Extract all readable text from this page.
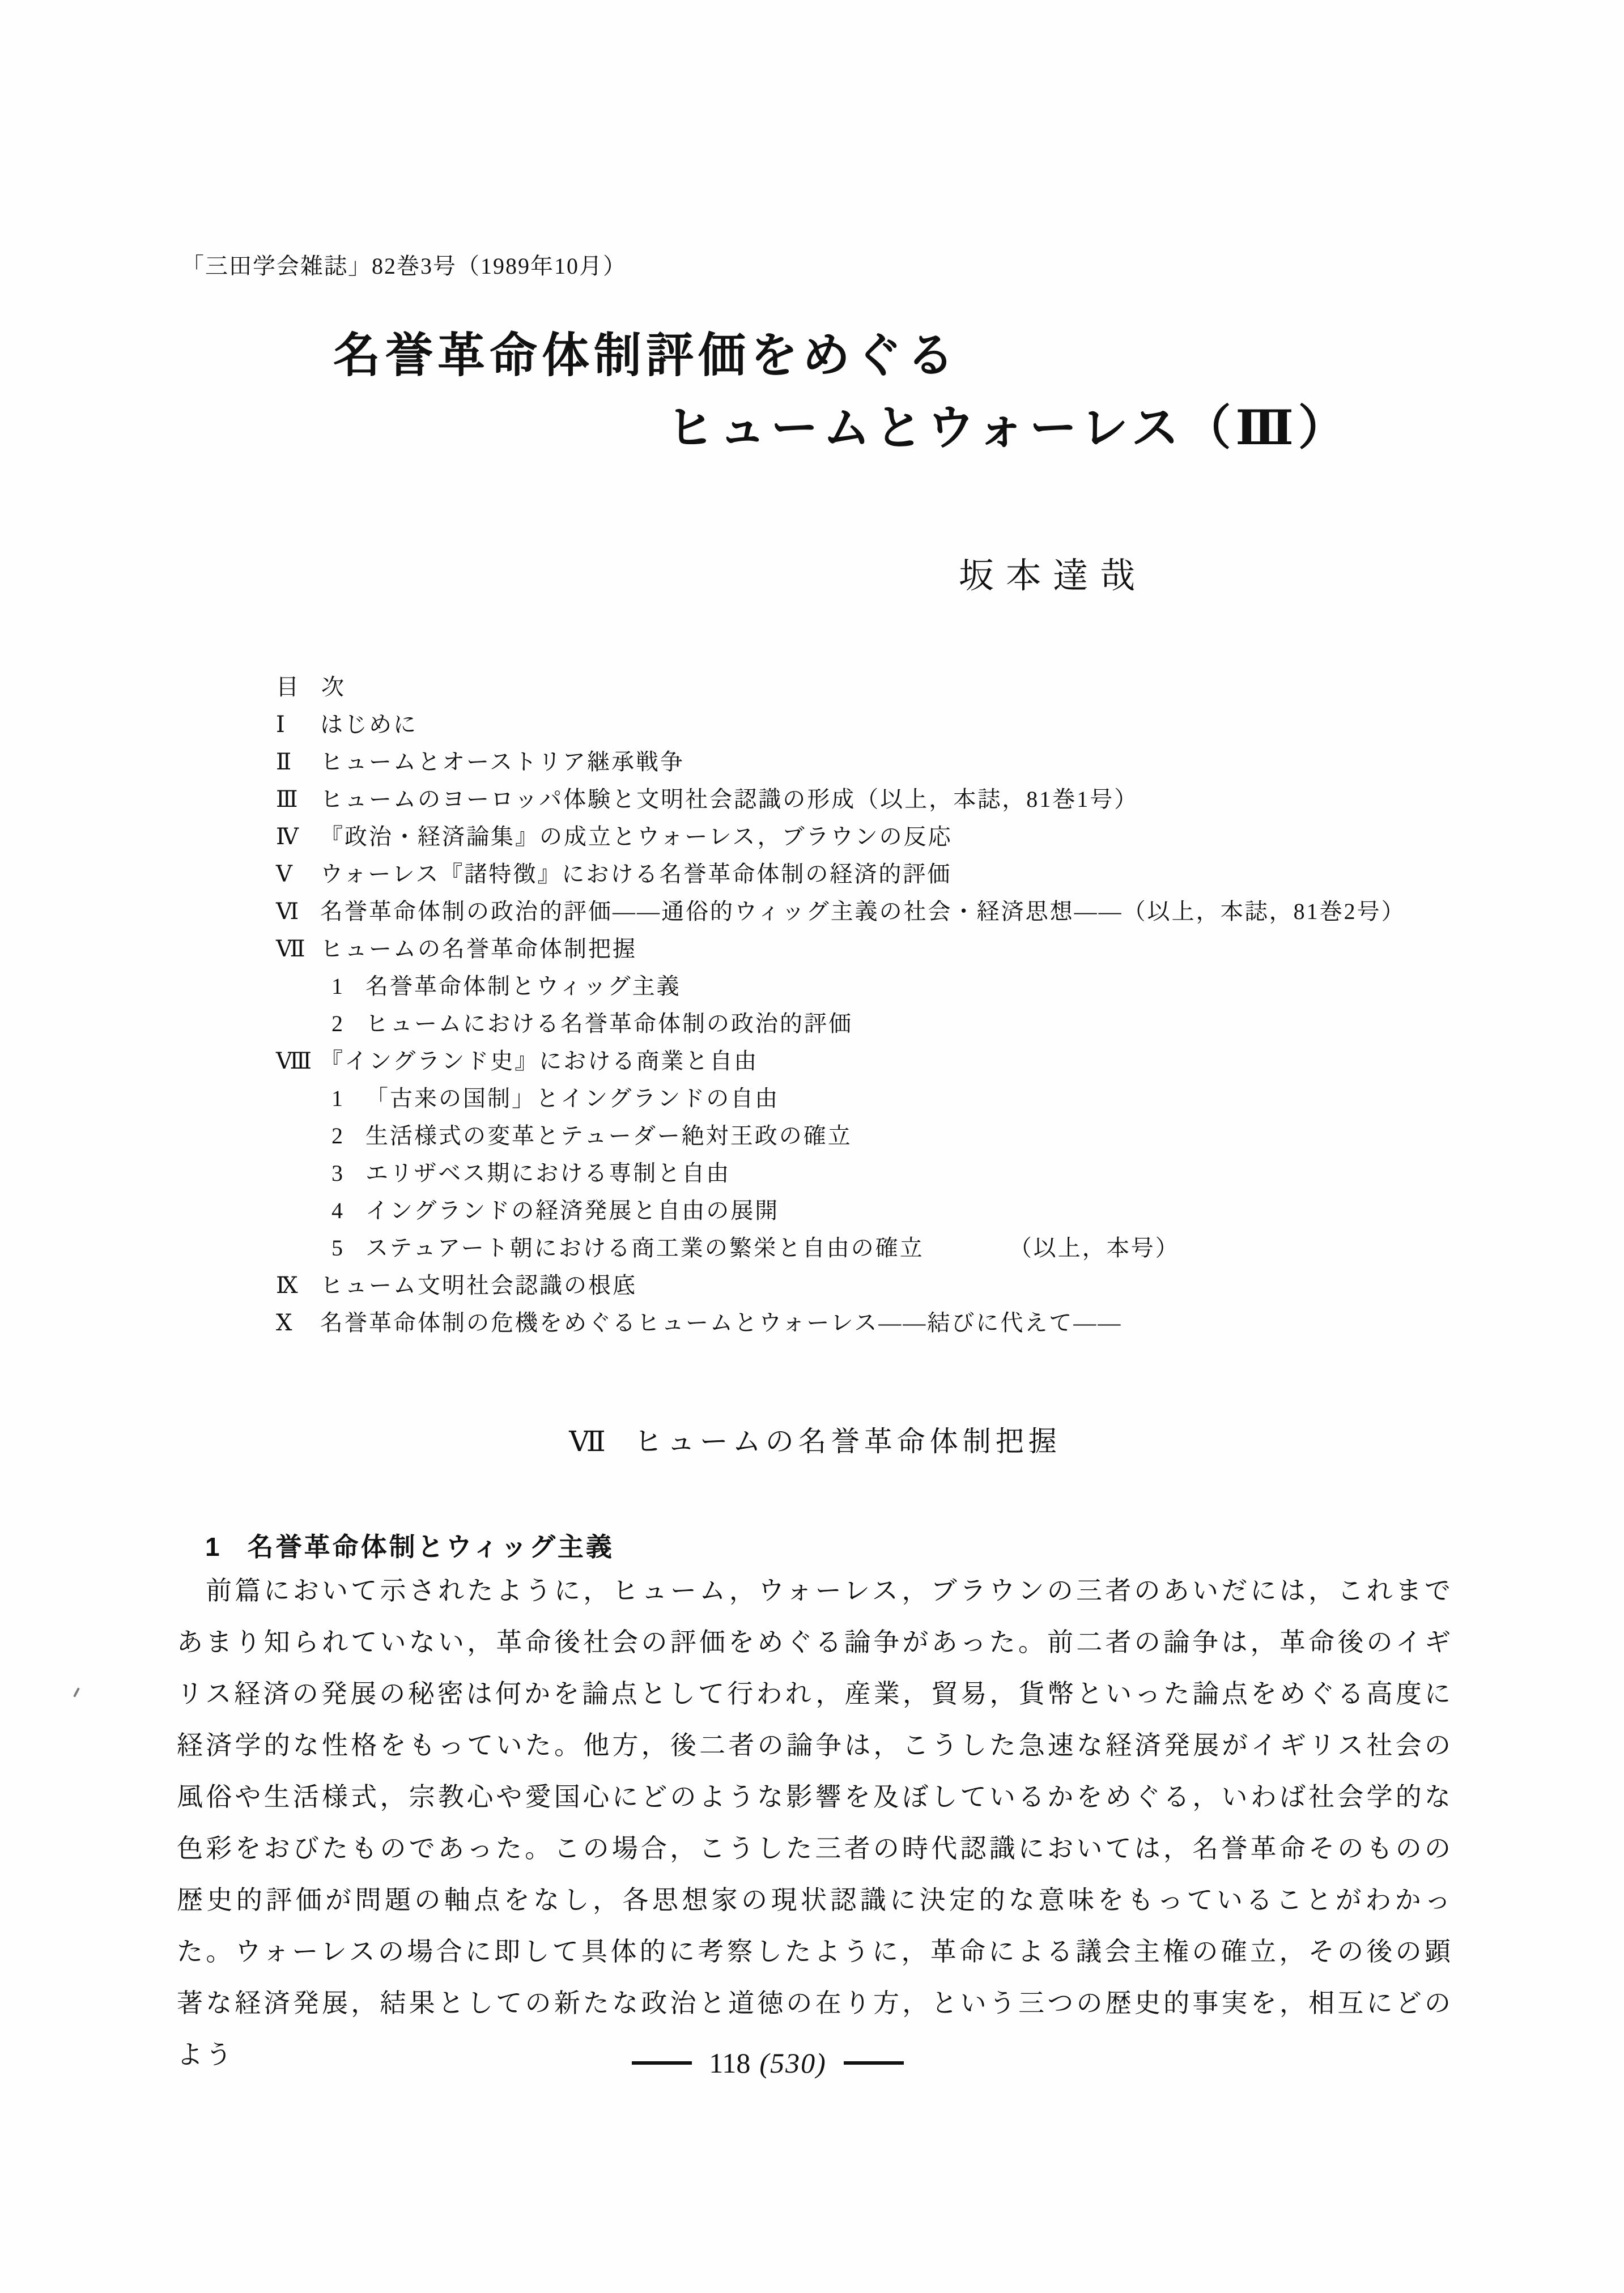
「三田学会雑誌」82巻3号（1989年10月）
名誉革命体制評価をめぐる
ヒュームとウォーレス（Ⅲ）
坂本達哉
目　次
Ⅰ はじめに
Ⅱ ヒュームとオーストリア継承戦争
Ⅲ ヒュームのヨーロッパ体験と文明社会認識の形成（以上，本誌，81巻1号）
Ⅳ 『政治・経済論集』の成立とウォーレス，ブラウンの反応
Ⅴ ウォーレス『諸特徴』における名誉革命体制の経済的評価
Ⅵ 名誉革命体制の政治的評価——通俗的ウィッグ主義の社会・経済思想——（以上，本誌，81巻2号）
Ⅶ ヒュームの名誉革命体制把握
1 名誉革命体制とウィッグ主義
2 ヒュームにおける名誉革命体制の政治的評価
Ⅷ 『イングランド史』における商業と自由
1 「古来の国制」とイングランドの自由
2 生活様式の変革とテューダー絶対王政の確立
3 エリザベス期における専制と自由
4 イングランドの経済発展と自由の展開
5 ステュアート朝における商工業の繁栄と自由の確立	（以上，本号）
Ⅸ ヒューム文明社会認識の根底
Ⅹ 名誉革命体制の危機をめぐるヒュームとウォーレス——結びに代えて——
Ⅶ ヒュームの名誉革命体制把握
1 名誉革命体制とウィッグ主義

前篇において示されたように，ヒューム，ウォーレス，ブラウンの三者のあいだには，これまであまり知られていない，革命後社会の評価をめぐる論争があった。前二者の論争は，革命後のイギリス経済の発展の秘密は何かを論点として行われ，産業，貿易，貨幣といった論点をめぐる高度に経済学的な性格をもっていた。他方，後二者の論争は，こうした急速な経済発展がイギリス社会の風俗や生活様式，宗教心や愛国心にどのような影響を及ぼしているかをめぐる，いわば社会学的な色彩をおびたものであった。この場合，こうした三者の時代認識においては，名誉革命そのものの歴史的評価が問題の軸点をなし，各思想家の現状認識に決定的な意味をもっていることがわかった。ウォーレスの場合に即して具体的に考察したように，革命による議会主権の確立，その後の顕著な経済発展，結果としての新たな政治と道徳の在り方，という三つの歴史的事実を，相互にどのよう	118 (530)
